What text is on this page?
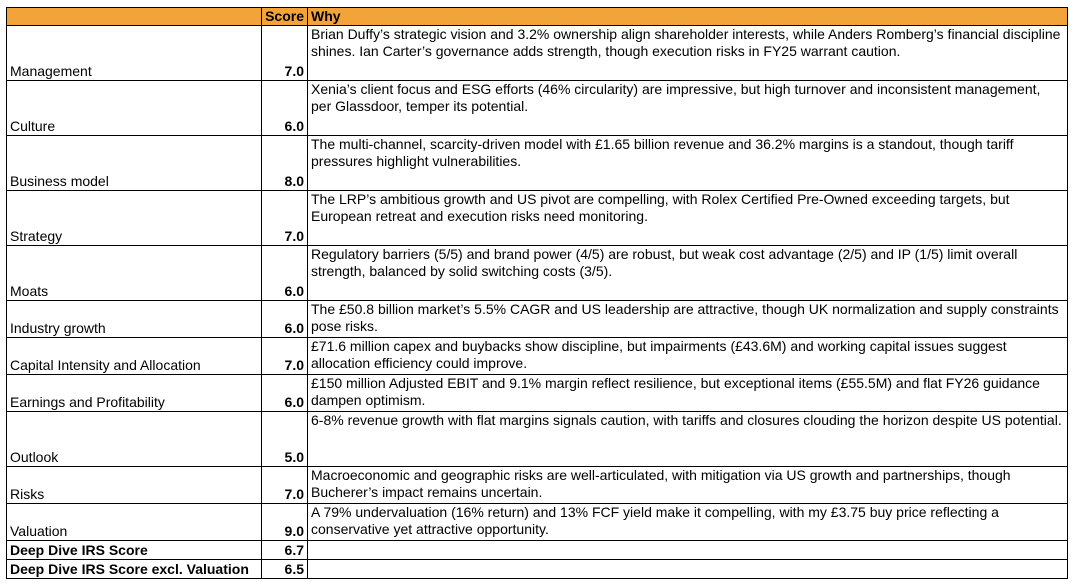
	Score	Why
Management	7.0	Brian Duffy’s strategic vision and 3.2% ownership align shareholder interests, while Anders Romberg’s financial discipline shines. Ian Carter’s governance adds strength, though execution risks in FY25 warrant caution.
Culture	6.0	Xenia’s client focus and ESG efforts (46% circularity) are impressive, but high turnover and inconsistent management, per Glassdoor, temper its potential.
Business model	8.0	The multi-channel, scarcity-driven model with £1.65 billion revenue and 36.2% margins is a standout, though tariff pressures highlight vulnerabilities.
Strategy	7.0	The LRP’s ambitious growth and US pivot are compelling, with Rolex Certified Pre-Owned exceeding targets, but European retreat and execution risks need monitoring.
Moats	6.0	Regulatory barriers (5/5) and brand power (4/5) are robust, but weak cost advantage (2/5) and IP (1/5) limit overall strength, balanced by solid switching costs (3/5).
Industry growth	6.0	The £50.8 billion market’s 5.5% CAGR and US leadership are attractive, though UK normalization and supply constraints pose risks.
Capital Intensity and Allocation	7.0	£71.6 million capex and buybacks show discipline, but impairments (£43.6M) and working capital issues suggest allocation efficiency could improve.
Earnings and Profitability	6.0	£150 million Adjusted EBIT and 9.1% margin reflect resilience, but exceptional items (£55.5M) and flat FY26 guidance dampen optimism.
Outlook	5.0	6-8% revenue growth with flat margins signals caution, with tariffs and closures clouding the horizon despite US potential.
Risks	7.0	Macroeconomic and geographic risks are well-articulated, with mitigation via US growth and partnerships, though Bucherer’s impact remains uncertain.
Valuation	9.0	A 79% undervaluation (16% return) and 13% FCF yield make it compelling, with my £3.75 buy price reflecting a conservative yet attractive opportunity.
Deep Dive IRS Score	6.7	
Deep Dive IRS Score excl. Valuation	6.5	
